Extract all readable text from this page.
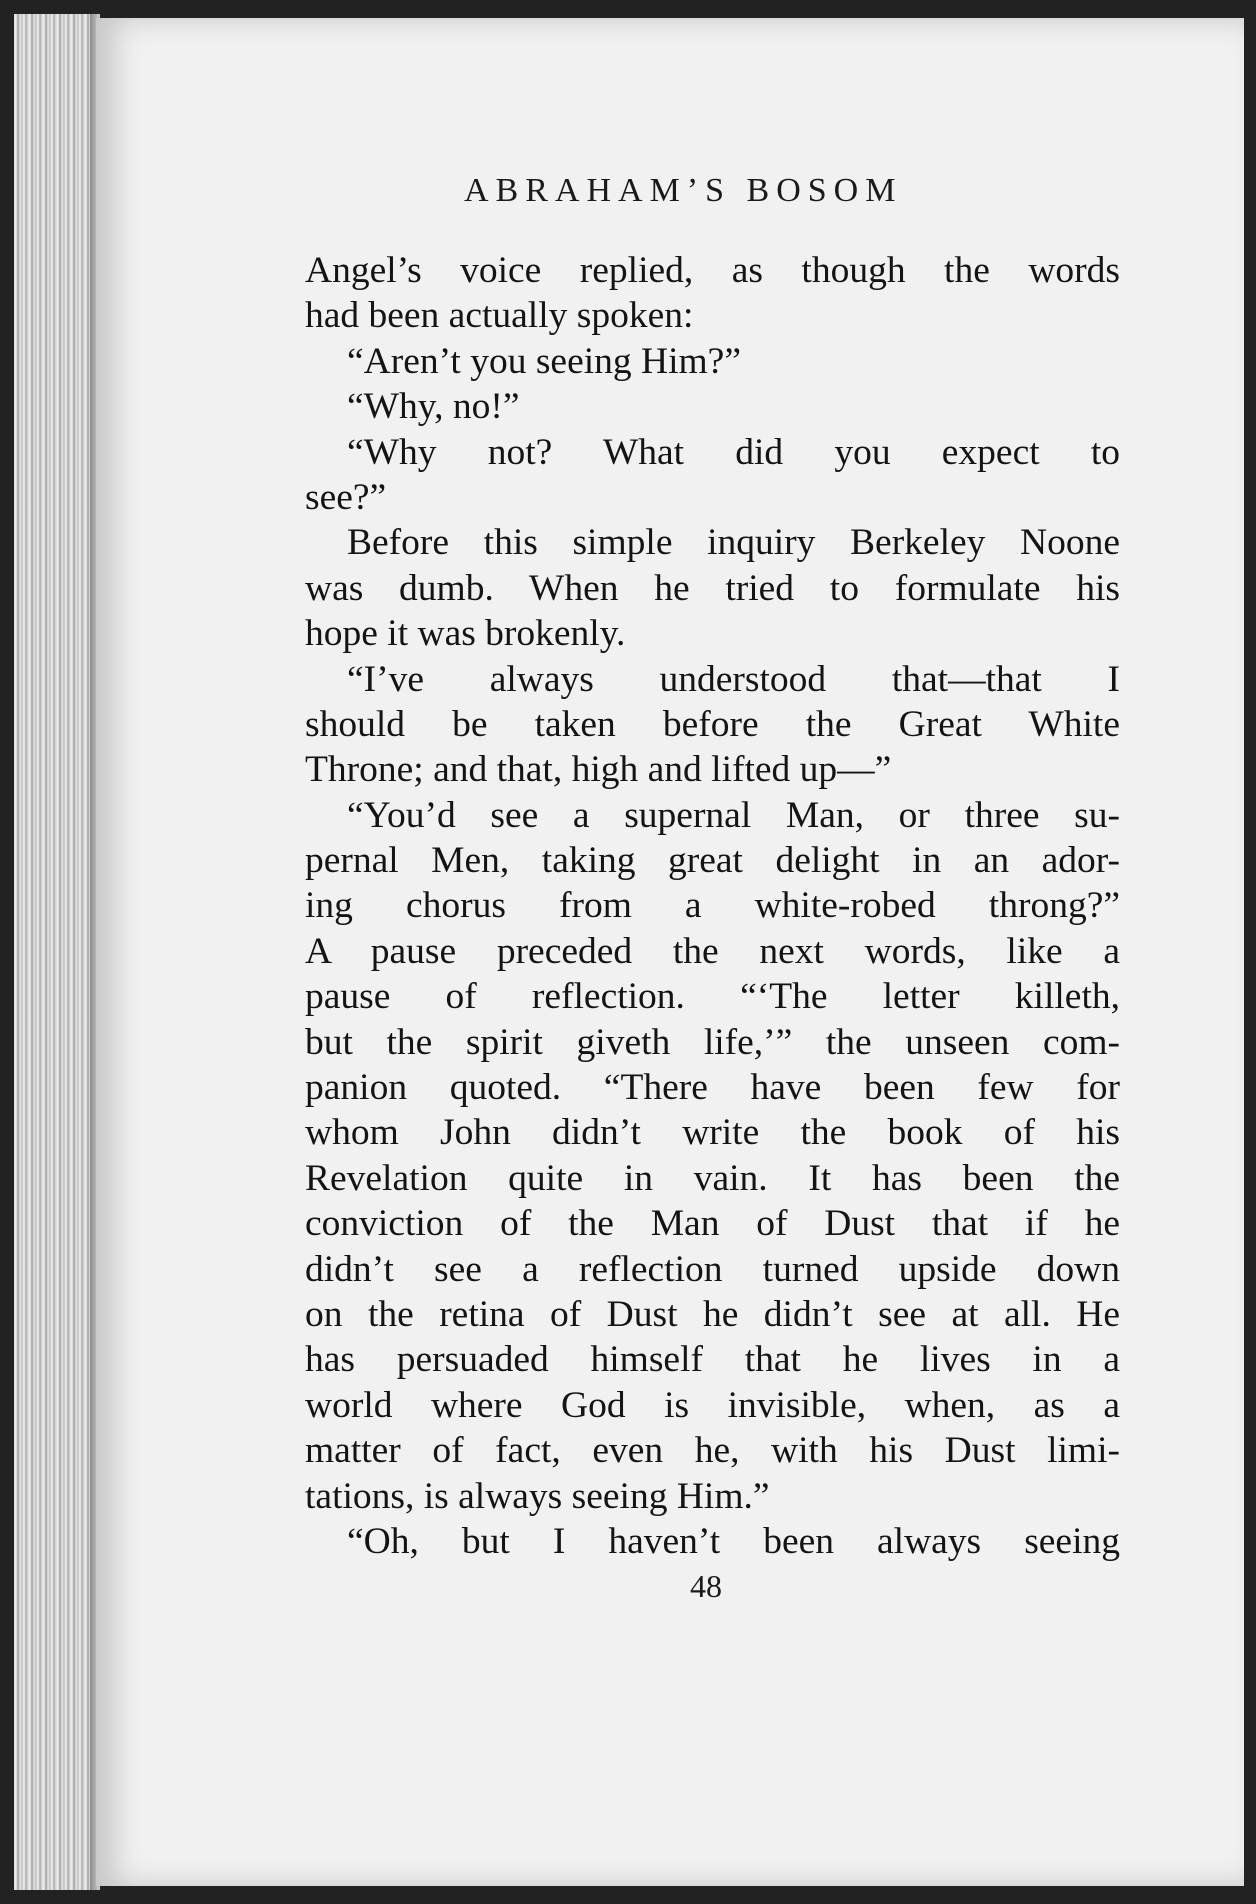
ABRAHAM’S BOSOM
Angel’s voice replied, as though the words
had been actually spoken:
“Aren’t you seeing Him?”
“Why, no!”
“Why not? What did you expect to
see?”
Before this simple inquiry Berkeley Noone
was dumb. When he tried to formulate his
hope it was brokenly.
“I’ve always understood that—that I
should be taken before the Great White
Throne; and that, high and lifted up—”
“You’d see a supernal Man, or three su-
pernal Men, taking great delight in an ador-
ing chorus from a white-robed throng?”
A pause preceded the next words, like a
pause of reflection. “‘The letter killeth,
but the spirit giveth life,’” the unseen com-
panion quoted. “There have been few for
whom John didn’t write the book of his
Revelation quite in vain. It has been the
conviction of the Man of Dust that if he
didn’t see a reflection turned upside down
on the retina of Dust he didn’t see at all. He
has persuaded himself that he lives in a
world where God is invisible, when, as a
matter of fact, even he, with his Dust limi-
tations, is always seeing Him.”
“Oh, but I haven’t been always seeing
48
